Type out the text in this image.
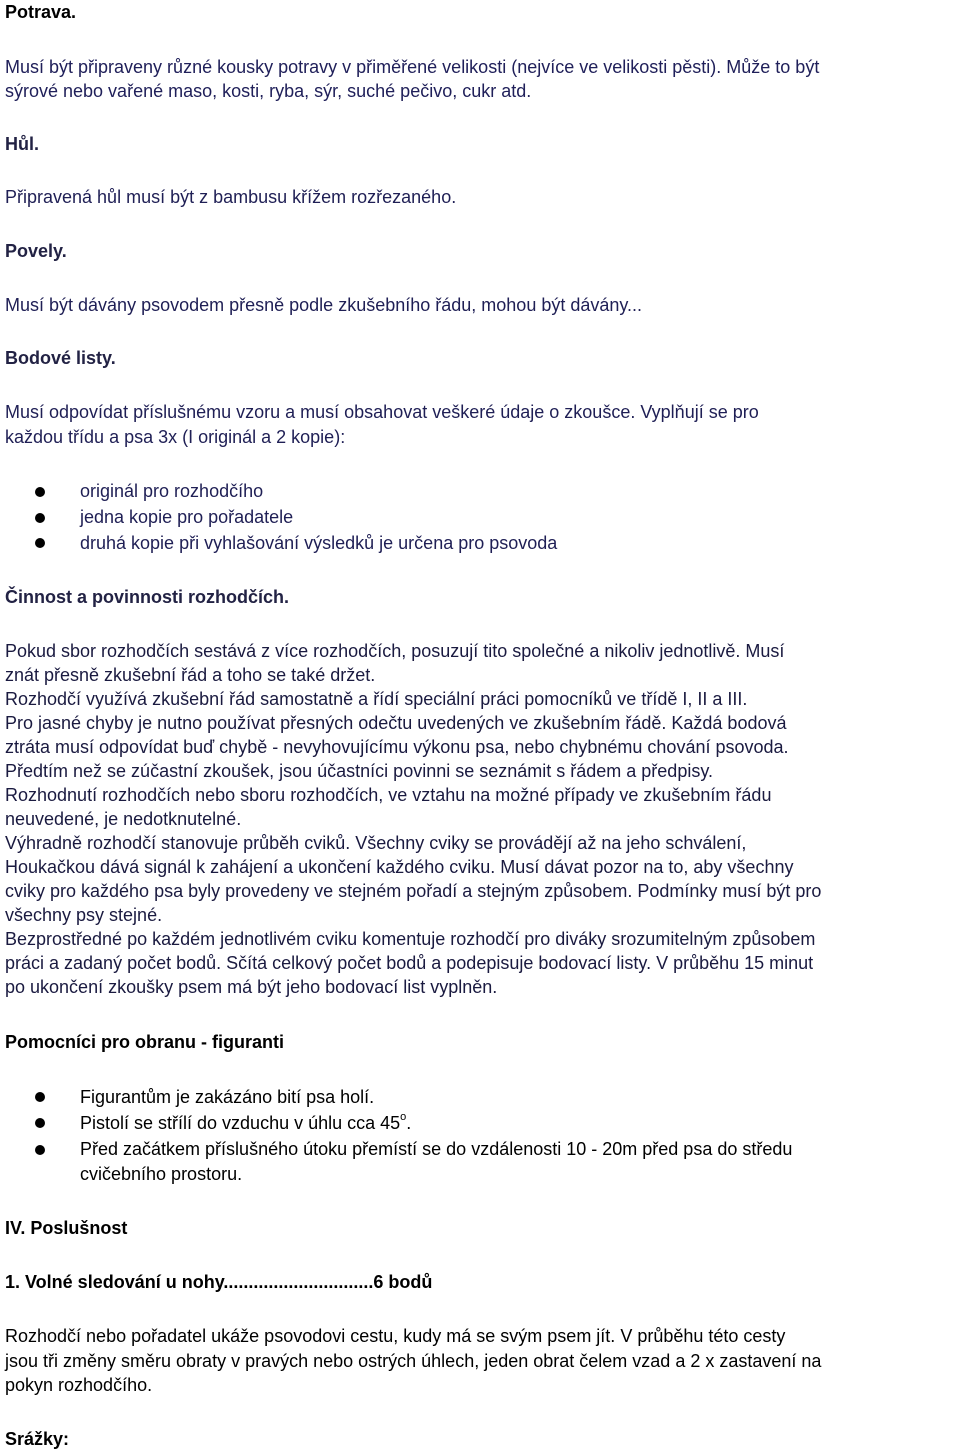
Potrava.
Musí být připraveny různé kousky potravy v přiměřené velikosti (nejvíce ve velikosti pěsti). Může to být
sýrové nebo vařené maso, kosti, ryba, sýr, suché pečivo, cukr atd.
Hůl.
Připravená hůl musí být z bambusu křížem rozřezaného.
Povely.
Musí být dávány psovodem přesně podle zkušebního řádu, mohou být dávány...
Bodové listy.
Musí odpovídat příslušnému vzoru a musí obsahovat veškeré údaje o zkoušce. Vyplňují se pro
každou třídu a psa 3x (I originál a 2 kopie):
originál pro rozhodčího
jedna kopie pro pořadatele
druhá kopie při vyhlašování výsledků je určena pro psovoda
Činnost a povinnosti rozhodčích.
Pokud sbor rozhodčích sestává z více rozhodčích, posuzují tito společné a nikoliv jednotlivě. Musí
znát přesně zkušební řád a toho se také držet.
Rozhodčí využívá zkušební řád samostatně a řídí speciální práci pomocníků ve třídě I, II a III.
Pro jasné chyby je nutno používat přesných odečtu uvedených ve zkušebním řádě. Každá bodová
ztráta musí odpovídat buď chybě - nevyhovujícímu výkonu psa, nebo chybnému chování psovoda.
Předtím než se zúčastní zkoušek, jsou účastníci povinni se seznámit s řádem a předpisy.
Rozhodnutí rozhodčích nebo sboru rozhodčích, ve vztahu na možné případy ve zkušebním řádu
neuvedené, je nedotknutelné.
Výhradně rozhodčí stanovuje průběh cviků. Všechny cviky se provádějí až na jeho schválení,
Houkačkou dává signál k zahájení a ukončení každého cviku. Musí dávat pozor na to, aby všechny
cviky pro každého psa byly provedeny ve stejném pořadí a stejným způsobem. Podmínky musí být pro
všechny psy stejné.
Bezprostředné po každém jednotlivém cviku komentuje rozhodčí pro diváky srozumitelným způsobem
práci a zadaný počet bodů. Sčítá celkový počet bodů a podepisuje bodovací listy. V průběhu 15 minut
po ukončení zkoušky psem má být jeho bodovací list vyplněn.
Pomocníci pro obranu - figuranti
Figurantům je zakázáno bití psa holí.
Pistolí se střílí do vzduchu v úhlu cca 45$^o$.
Před začátkem příslušného útoku přemístí se do vzdálenosti 10 - 20m před psa do středu
cvičebního prostoru.
IV. Poslušnost
1. Volné sledování u nohy..............................6 bodů
Rozhodčí nebo pořadatel ukáže psovodovi cestu, kudy má se svým psem jít. V průběhu této cesty
jsou tři změny směru obraty v pravých nebo ostrých úhlech, jeden obrat čelem vzad a 2 x zastavení na
pokyn rozhodčího.
Srážky:
